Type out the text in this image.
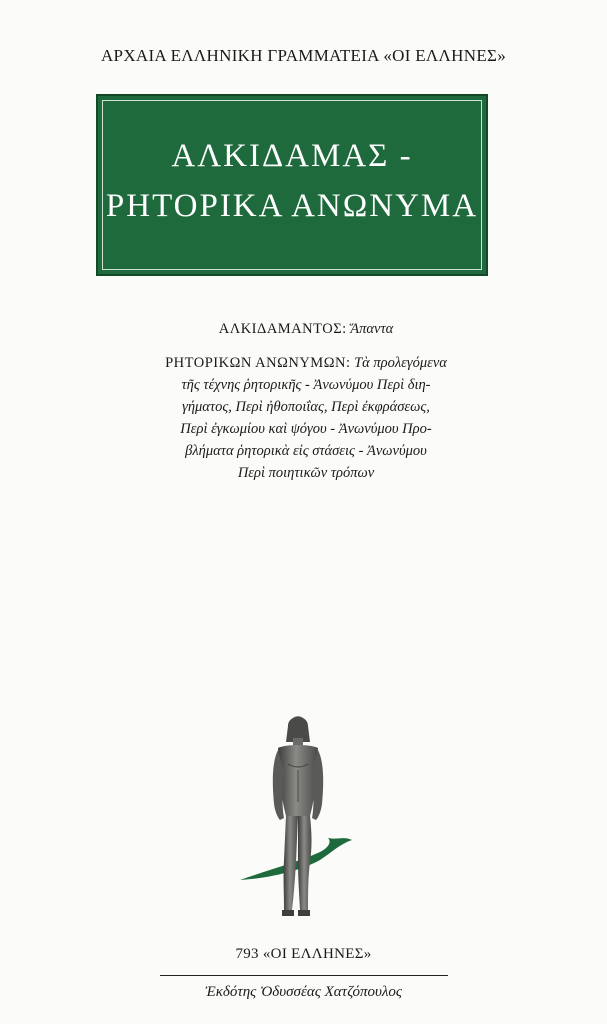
ΑΡΧΑΙΑ ΕΛΛΗΝΙΚΗ ΓΡΑΜΜΑΤΕΙΑ «ΟΙ ΕΛΛΗΝΕΣ»
ΑΛΚΙΔΑΜΑΣ -
ΡΗΤΟΡΙΚΑ ΑΝΩΝΥΜΑ
ΑΛΚΙΔΑΜΑΝΤΟΣ: Ἅπαντα
ΡΗΤΟΡΙΚΩΝ ΑΝΩΝΥΜΩΝ: Τὰ προλεγόμενα
τῆς τέχνης ῥητορικῆς - Ἀνωνύμου Περὶ διη-
γήματος, Περὶ ἠθοποιΐας, Περὶ ἐκφράσεως,
Περὶ ἐγκωμίου καὶ ψόγου - Ἀνωνύμου Προ-
βλήματα ῥητορικὰ εἰς στάσεις - Ἀνωνύμου
Περὶ ποιητικῶν τρόπων
793 «ΟΙ ΕΛΛΗΝΕΣ»
Ἐκδότης Ὀδυσσέας Χατζόπουλος
